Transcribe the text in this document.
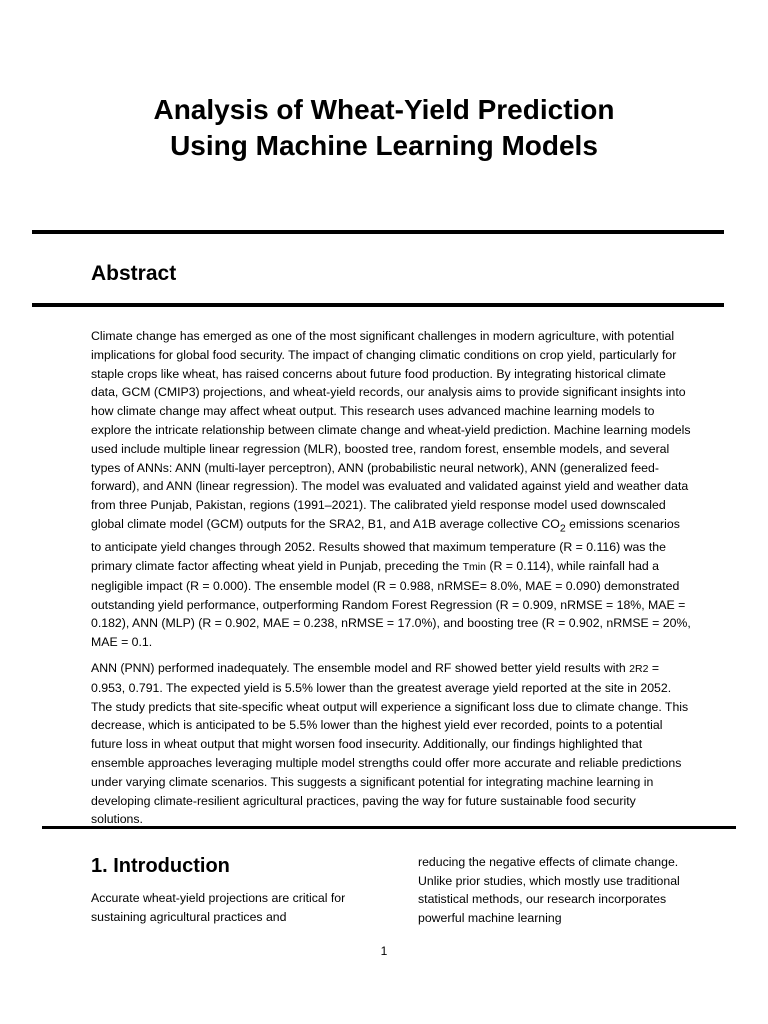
Analysis of Wheat-Yield Prediction
Using Machine Learning Models
Abstract

Climate change has emerged as one of the most significant challenges in modern agriculture, with potential implications for global food security. The impact of changing climatic conditions on crop yield, particularly for staple crops like wheat, has raised concerns about future food production. By integrating historical climate data, GCM (CMIP3) projections, and wheat-yield records, our analysis aims to provide significant insights into how climate change may affect wheat output. This research uses advanced machine learning models to explore the intricate relationship between climate change and wheat-yield prediction. Machine learning models used include multiple linear regression (MLR), boosted tree, random forest, ensemble models, and several types of ANNs: ANN (multi-layer perceptron), ANN (probabilistic neural network), ANN (generalized feed-forward), and ANN (linear regression). The model was evaluated and validated against yield and weather data from three Punjab, Pakistan, regions (1991–2021). The calibrated yield response model used downscaled global climate model (GCM) outputs for the SRA2, B1, and A1B average collective $CO_2$ emissions scenarios to anticipate yield changes through 2052. Results showed that maximum temperature (R = 0.116) was the primary climate factor affecting wheat yield in Punjab, preceding the Tmin (R = 0.114), while rainfall had a negligible impact (R = 0.000). The ensemble model (R = 0.988, nRMSE= 8.0%, MAE = 0.090) demonstrated outstanding yield performance, outperforming Random Forest Regression (R = 0.909, nRMSE = 18%, MAE = 0.182), ANN (MLP) (R = 0.902, MAE = 0.238, nRMSE = 17.0%), and boosting tree (R = 0.902, nRMSE = 20%, MAE = 0.1.

ANN (PNN) performed inadequately. The ensemble model and RF showed better yield results with 2R2 = 0.953, 0.791. The expected yield is 5.5% lower than the greatest average yield reported at the site in 2052. The study predicts that site-specific wheat output will experience a significant loss due to climate change. This decrease, which is anticipated to be 5.5% lower than the highest yield ever recorded, points to a potential future loss in wheat output that might worsen food insecurity. Additionally, our findings highlighted that ensemble approaches leveraging multiple model strengths could offer more accurate and reliable predictions under varying climate scenarios. This suggests a significant potential for integrating machine learning in developing climate-resilient agricultural practices, paving the way for future sustainable food security solutions.

1. Introduction

Accurate wheat-yield projections are critical for sustaining agricultural practices and

reducing the negative effects of climate change. Unlike prior studies, which mostly use traditional statistical methods, our research incorporates powerful machine learning

1
